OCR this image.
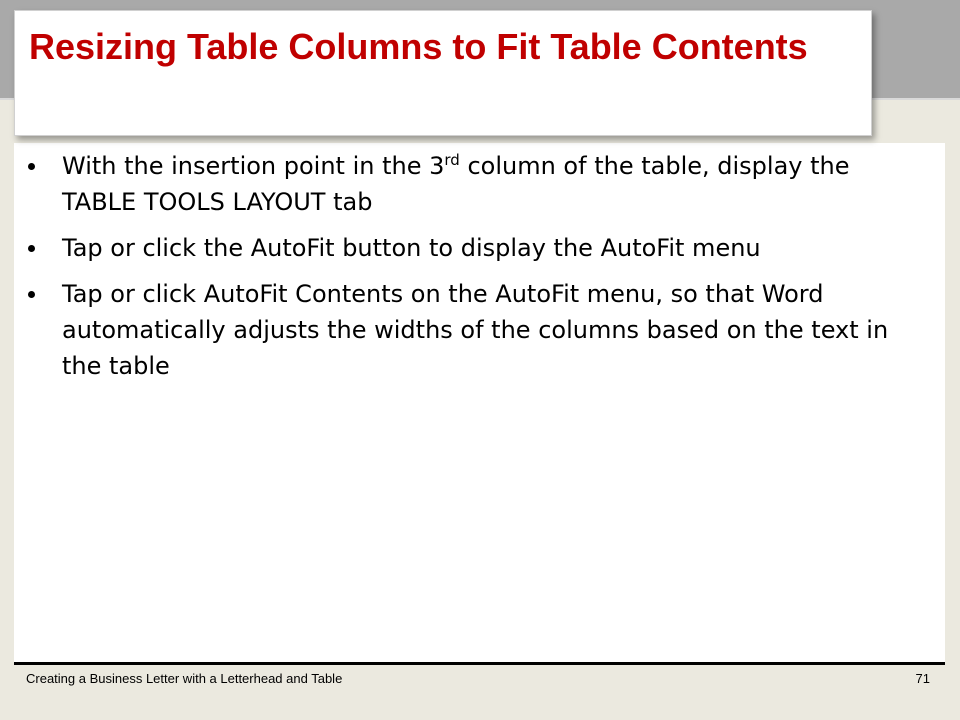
Resizing Table Columns to Fit Table Contents
With the insertion point in the 3rd column of the table, display the TABLE TOOLS LAYOUT tab
Tap or click the AutoFit button to display the AutoFit menu
Tap or click AutoFit Contents on the AutoFit menu, so that Word automatically adjusts the widths of the columns based on the text in the table
Creating a Business Letter with a Letterhead and Table	71
